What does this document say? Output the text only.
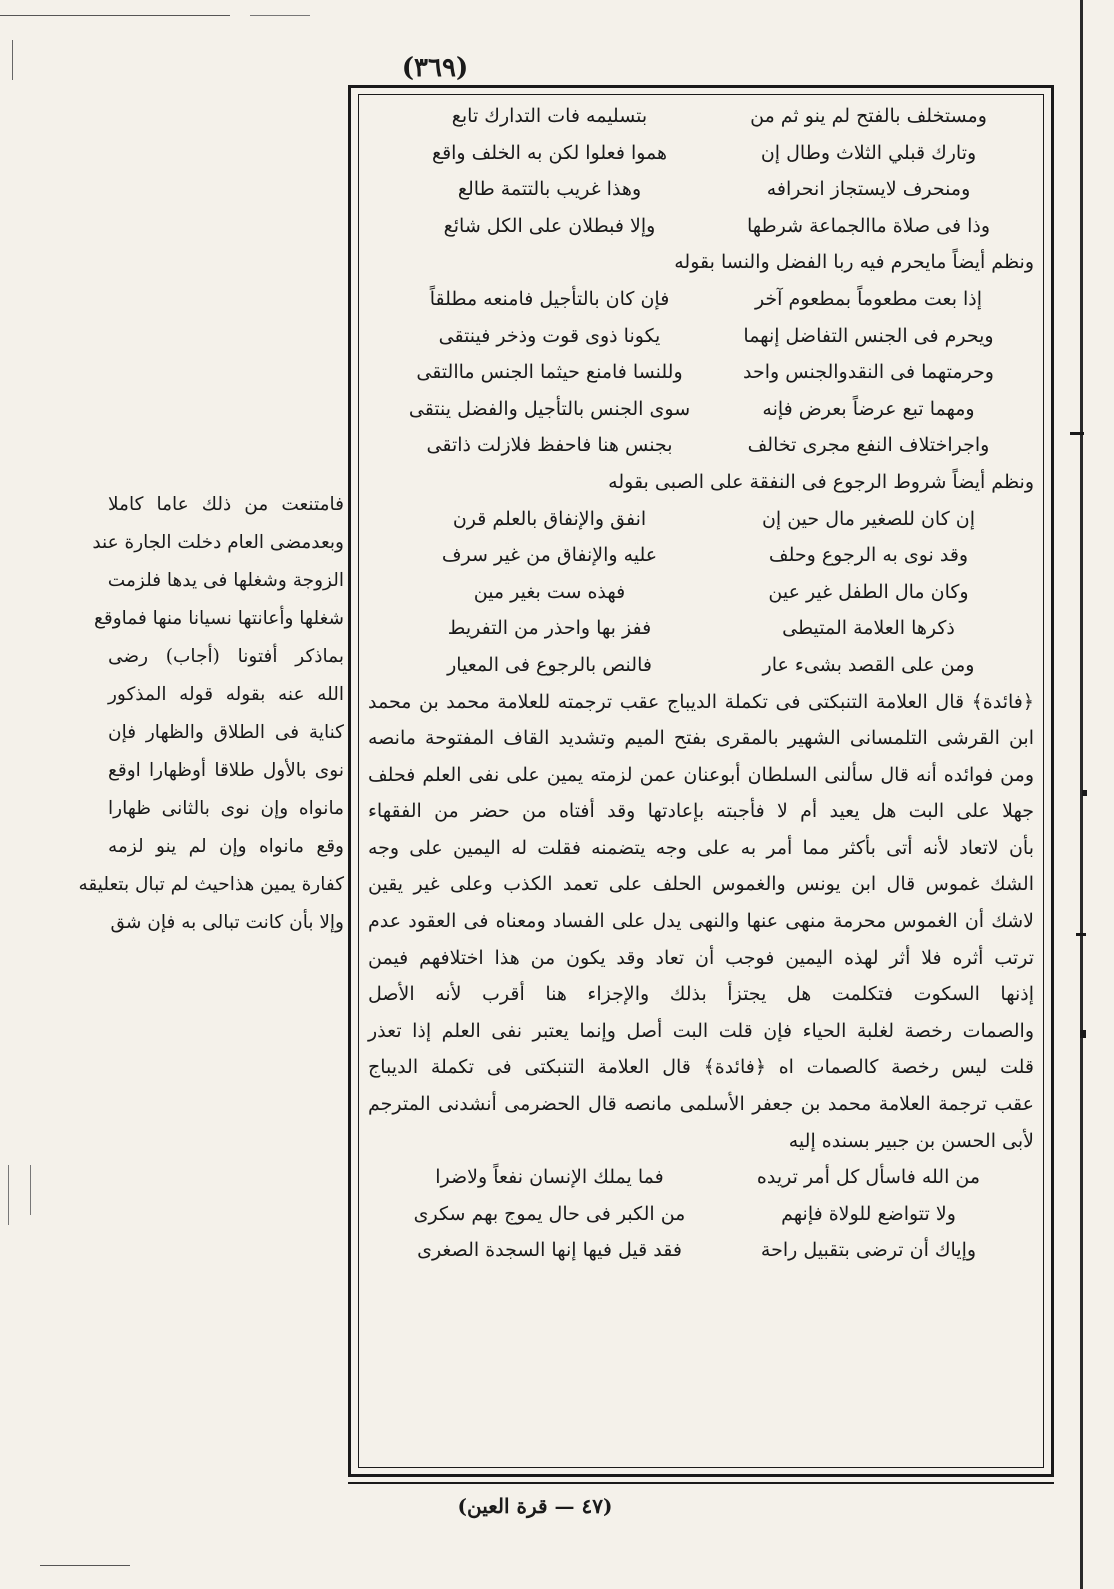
(٣٦٩)
ومستخلف بالفتح لم ينو ثم من
بتسليمه فات التدارك تابع
وتارك قبلي الثلاث وطال إن
هموا فعلوا لكن به الخلف واقع
ومنحرف لايستجاز انحرافه
وهذا غريب بالتتمة طالع
وذا فى صلاة ماالجماعة شرطها
وإلا فبطلان على الكل شائع
ونظم أيضاً مايحرم فيه ربا الفضل والنسا بقوله
إذا بعت مطعوماً بمطعوم آخر
فإن كان بالتأجيل فامنعه مطلقاً
ويحرم فى الجنس التفاضل إنهما
يكونا ذوى قوت وذخر فينتقى
وحرمتهما فى النقدوالجنس واحد
وللنسا فامنع حيثما الجنس ماالتقى
ومهما تبع عرضاً بعرض فإنه
سوى الجنس بالتأجيل والفضل ينتقى
واجراختلاف النفع مجرى تخالف
بجنس هنا فاحفظ فلازلت ذاتقى
ونظم أيضاً شروط الرجوع فى النفقة على الصبى بقوله
إن كان للصغير مال حين إن
انفق والإنفاق بالعلم قرن
وقد نوى به الرجوع وحلف
عليه والإنفاق من غير سرف
وكان مال الطفل غير عين
فهذه ست بغير مين
ذكرها العلامة المتيطى
ففز بها واحذر من التفريط
ومن على القصد بشىء عار
فالنص بالرجوع فى المعيار
﴿فائدة﴾ قال العلامة التنبكتى فى تكملة الديباج عقب ترجمته للعلامة محمد بن محمد
ابن القرشى التلمسانى الشهير بالمقرى بفتح الميم وتشديد القاف المفتوحة مانصه
ومن فوائده أنه قال سألنى السلطان أبوعنان عمن لزمته يمين على نفى العلم فحلف
جهلا على البت هل يعيد أم لا فأجبته بإعادتها وقد أفتاه من حضر من الفقهاء
بأن لاتعاد لأنه أتى بأكثر مما أمر به على وجه يتضمنه فقلت له اليمين على وجه
الشك غموس قال ابن يونس والغموس الحلف على تعمد الكذب وعلى غير يقين
لاشك أن الغموس محرمة منهى عنها والنهى يدل على الفساد ومعناه فى العقود عدم
ترتب أثره فلا أثر لهذه اليمين فوجب أن تعاد وقد يكون من هذا اختلافهم فيمن
إذنها السكوت فتكلمت هل يجتزأ بذلك والإجزاء هنا أقرب لأنه الأصل
والصمات رخصة لغلبة الحياء فإن قلت البت أصل وإنما يعتبر نفى العلم إذا تعذر
قلت ليس رخصة كالصمات اه ﴿فائدة﴾ قال العلامة التنبكتى فى تكملة الديباج
عقب ترجمة العلامة محمد بن جعفر الأسلمى مانصه قال الحضرمى أنشدنى المترجم
لأبى الحسن بن جبير بسنده إليه
من الله فاسأل كل أمر تريده
فما يملك الإنسان نفعاً ولاضرا
ولا تتواضع للولاة فإنهم
من الكبر فى حال يموج بهم سكرى
وإياك أن ترضى بتقبيل راحة
فقد قيل فيها إنها السجدة الصغرى
فامتنعت من ذلك عاما كاملا
وبعدمضى العام دخلت الجارة عند
الزوجة وشغلها فى يدها فلزمت
شغلها وأعانتها نسيانا منها فماوقع
بماذكر أفتونا (أجاب) رضى
الله عنه بقوله قوله المذكور
كناية فى الطلاق والظهار فإن
نوى بالأول طلاقا أوظهارا اوقع
مانواه وإن نوى بالثانى ظهارا
وقع مانواه وإن لم ينو لزمه
كفارة يمين هذاحيث لم تبال بتعليقه
وإلا بأن كانت تبالى به فإن شق
(٤٧ — قرة العين)
